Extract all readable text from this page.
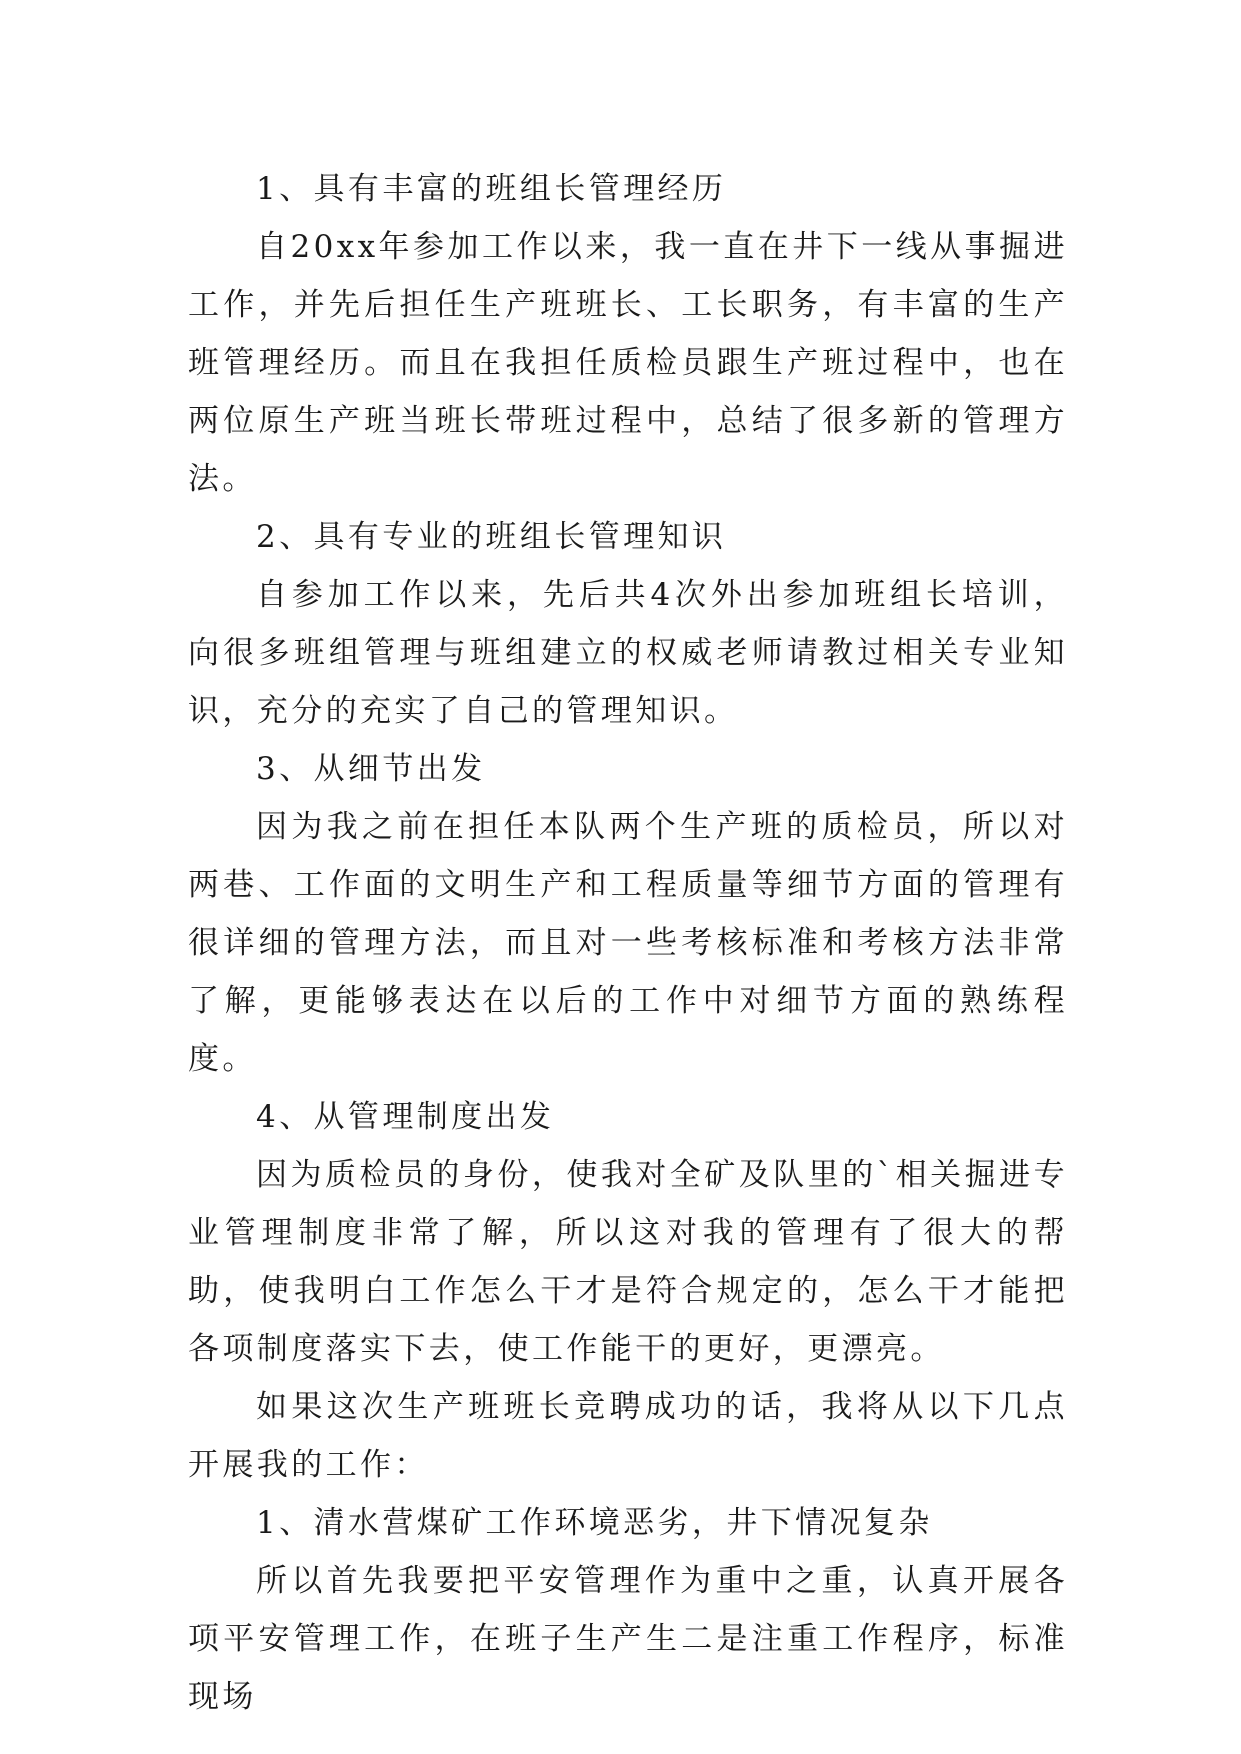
1、具有丰富的班组长管理经历

自20xx年参加工作以来，我一直在井下一线从事掘进工作，并先后担任生产班班长、工长职务，有丰富的生产班管理经历。而且在我担任质检员跟生产班过程中，也在两位原生产班当班长带班过程中，总结了很多新的管理方法。

2、具有专业的班组长管理知识

自参加工作以来，先后共4次外出参加班组长培训，向很多班组管理与班组建立的权威老师请教过相关专业知识，充分的充实了自己的管理知识。

3、从细节出发

因为我之前在担任本队两个生产班的质检员，所以对两巷、工作面的文明生产和工程质量等细节方面的管理有很详细的管理方法，而且对一些考核标准和考核方法非常了解，更能够表达在以后的工作中对细节方面的熟练程度。

4、从管理制度出发

因为质检员的身份，使我对全矿及队里的`相关掘进专业管理制度非常了解，所以这对我的管理有了很大的帮助，使我明白工作怎么干才是符合规定的，怎么干才能把各项制度落实下去，使工作能干的更好，更漂亮。

如果这次生产班班长竞聘成功的话，我将从以下几点开展我的工作：

1、清水营煤矿工作环境恶劣，井下情况复杂

所以首先我要把平安管理作为重中之重，认真开展各项平安管理工作，在班子生产生二是注重工作程序，标准现场
